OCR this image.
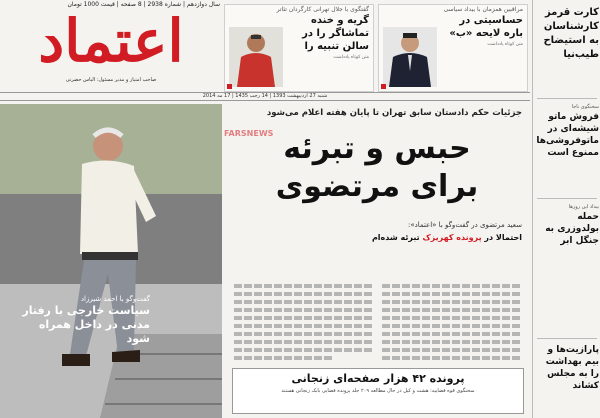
سال دوازدهم | شماره 2938 | 8 صفحه | قیمت 1000 تومان
اعتماد
صاحب امتیاز و مدیر مسئول: الیاس حضرتی
گفتگوی با جلال تهرانی کارگردان تئاتر
گریه و خنده تماشاگر را در سالن تنبیه را
متن کوتاه یادداشت
مراقبین همزمان با بیداد سیاسی
حساسیتی در باره لایحه «ب»
متن کوتاه یادداشت
شنبه 27 اردیبهشت 1393 | 14 رجب 1435 | 17 مه 2014
گفت‌وگو با احمد شیرزاد
سیاست خارجی با رفتار مدنی در داخل همراه شود
جزئیات حکم دادستان سابق تهران تا پایان هفته اعلام می‌شود
حبس و تبرئه
برای مرتضوی
سعید مرتضوی در گفت‌وگو با «اعتماد»:
احتمالا در پرونده کهریزک تبرئه شده‌ام
FARSNEWS
پرونده ۴۲ هزار صفحه‌ای زنجانی
سخنگوی قوه قضاییه: هشت و کیل در حال مطالعه ۲۰۹ جلد پرونده قضایی بابک زنجانی هستند
کارت قرمز کارشناسان به استیضاح طیب‌نیا
سخنگوی ناجا
فروش ماتو شیشه‌ای در ماتوفروشی‌ها ممنوع است
بیداد این روزها
حمله بولدوزری به جنگل ابر
پارازیت‌ها و بیم بهداشت را به مجلس کشاند
